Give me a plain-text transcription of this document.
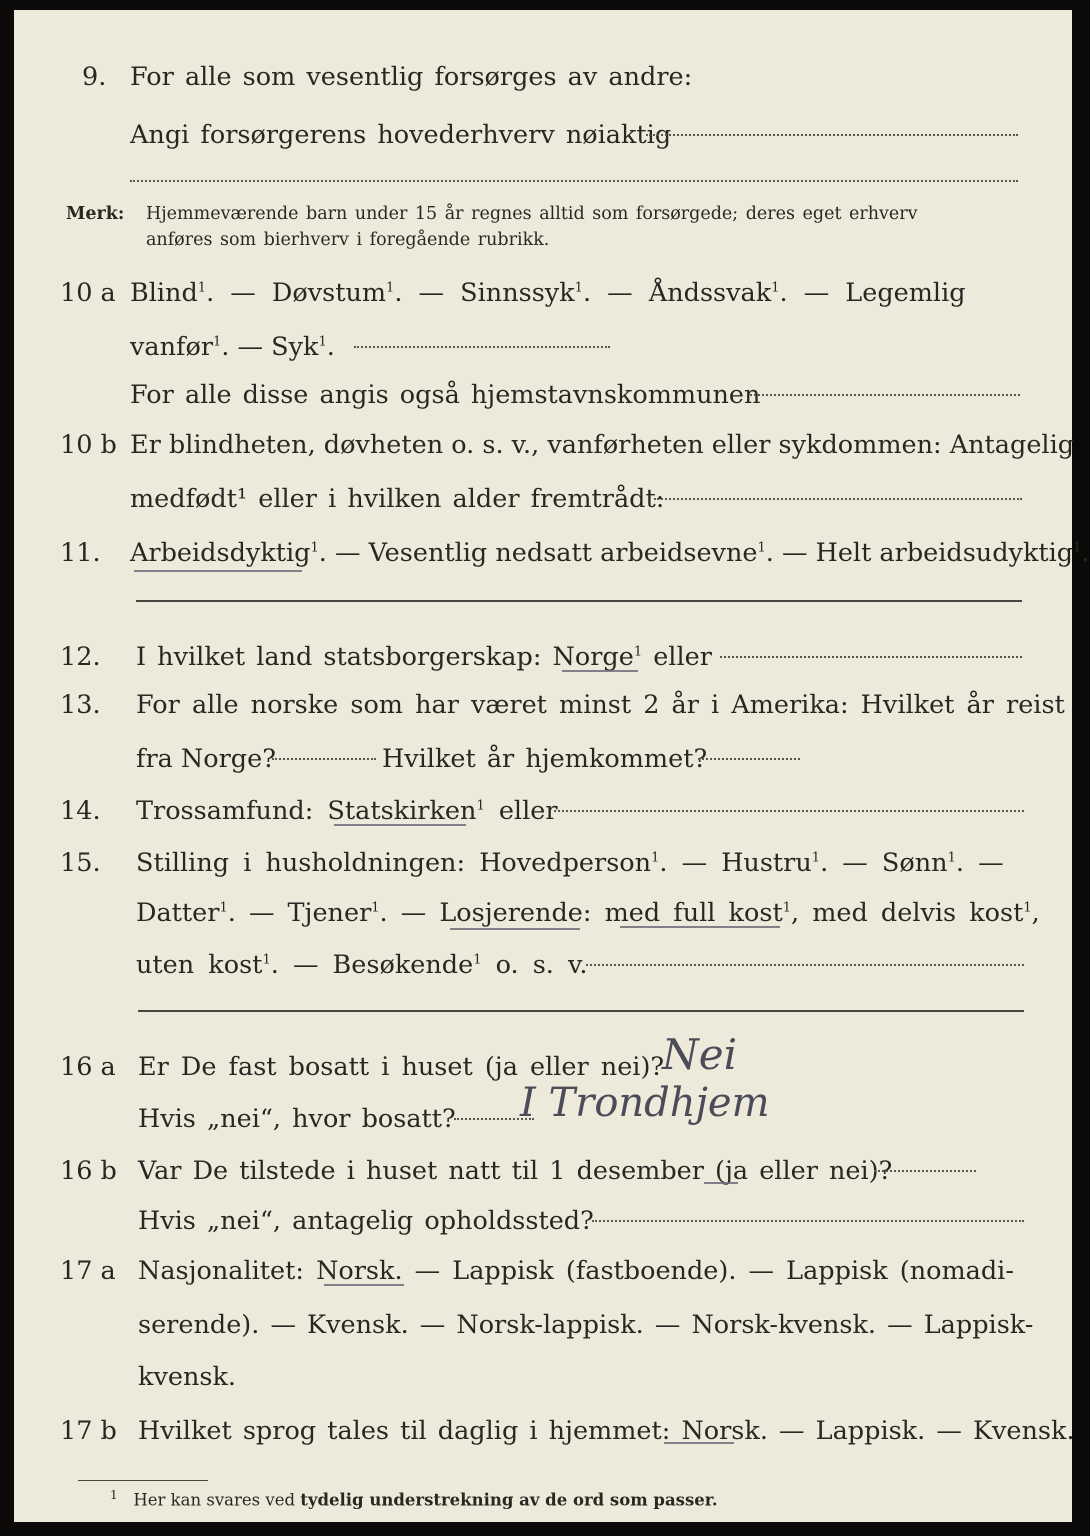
9. For alle som vesentlig forsørges av andre:
Angi forsørgerens hovederhverv nøiaktig
Merk: Hjemmeværende barn under 15 år regnes alltid som forsørgede; deres eget erhverv
anføres som bierhverv i foregående rubrikk.
10 a Blind$^1$. — Døvstum$^1$. — Sinnssyk$^1$. — Åndssvak$^1$. — Legemlig
vanfør$^1$. — Syk$^1$.
For alle disse angis også hjemstavnskommunen
10 b Er blindheten, døvheten o. s. v., vanførheten eller sykdommen: Antagelig
medfødt¹ eller i hvilken alder fremtrådt:
11. Arbeidsdyktig$^1$. — Vesentlig nedsatt arbeidsevne$^1$. — Helt arbeidsudyktig$^1$.
12. I hvilket land statsborgerskap: Norge$^1$ eller
13. For alle norske som har været minst 2 år i Amerika: Hvilket år reist
fra Norge?	Hvilket år hjemkommet?
14. Trossamfund: Statskirken$^1$ eller
15. Stilling i husholdningen: Hovedperson$^1$. — Hustru$^1$. — Sønn$^1$. —
Datter$^1$. — Tjener$^1$. — Losjerende: med full kost$^1$, med delvis kost$^1$,
uten kost$^1$. — Besøkende$^1$ o. s. v.
16 a Er De fast bosatt i huset (ja eller nei)?
Nei
Hvis „nei“, hvor bosatt? I Trondhjem
16 b Var De tilstede i huset natt til 1 desember (ja eller nei)?
Hvis „nei“, antagelig opholdssted?
17 a Nasjonalitet: Norsk. — Lappisk (fastboende). — Lappisk (nomadi-
serende). — Kvensk. — Norsk-lappisk. — Norsk-kvensk. — Lappisk-
kvensk.
17 b Hvilket sprog tales til daglig i hjemmet: Norsk. — Lappisk. — Kvensk.
$^1$ Her kan svares ved tydelig understrekning av de ord som passer.
